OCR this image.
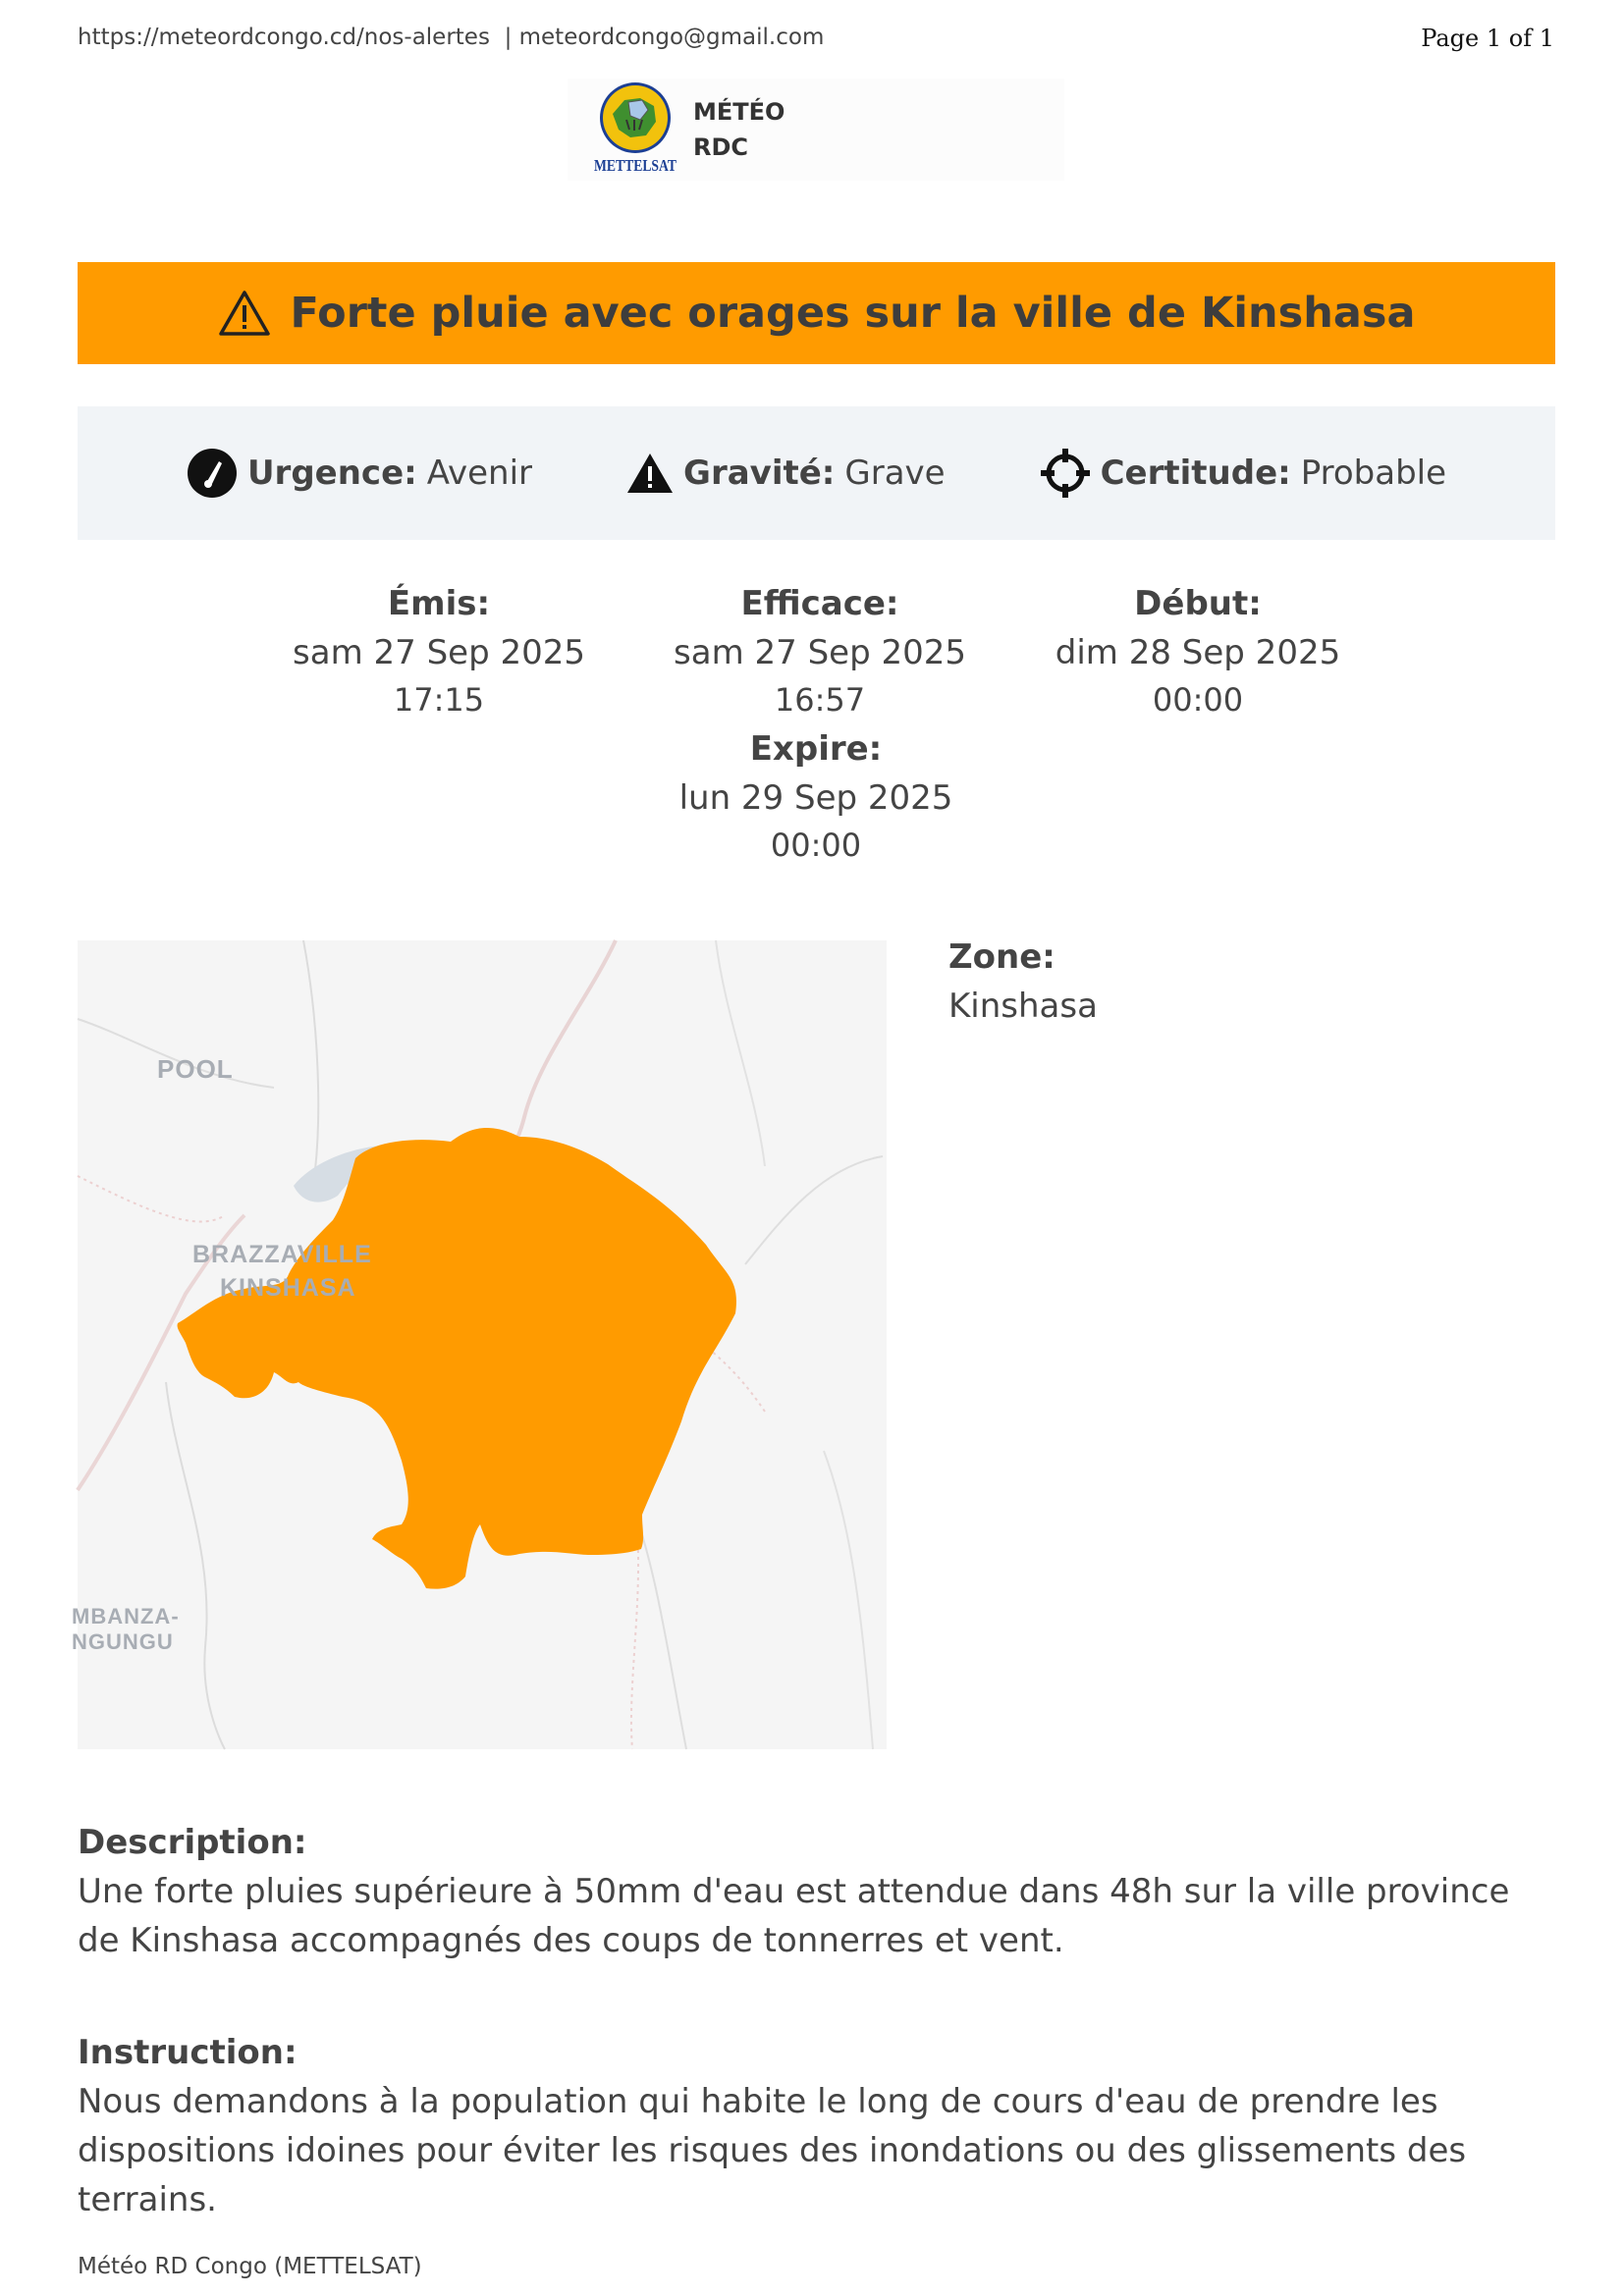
https://meteordcongo.cd/nos-alertes | meteordcongo@gmail.com	Page 1 of 1
METTELSAT
MÉTÉO
RDC
Forte pluie avec orages sur la ville de Kinshasa
Urgence: Avenir	Gravité: Grave	Certitude: Probable
Émis:
sam 27 Sep 2025
17:15
Efficace:
sam 27 Sep 2025
16:57
Début:
dim 28 Sep 2025
00:00
Expire:
lun 29 Sep 2025
00:00
POOL
BRAZZAVILLE
KINSHASA
MBANZA-
NGUNGU
Zone:
Kinshasa
Description:
Une forte pluies supérieure à 50mm d'eau est attendue dans 48h sur la ville province de Kinshasa accompagnés des coups de tonnerres et vent.
Instruction:
Nous demandons à la population qui habite le long de cours d'eau de prendre les dispositions idoines pour éviter les risques des inondations ou des glissements des terrains.
Météo RD Congo (METTELSAT)
